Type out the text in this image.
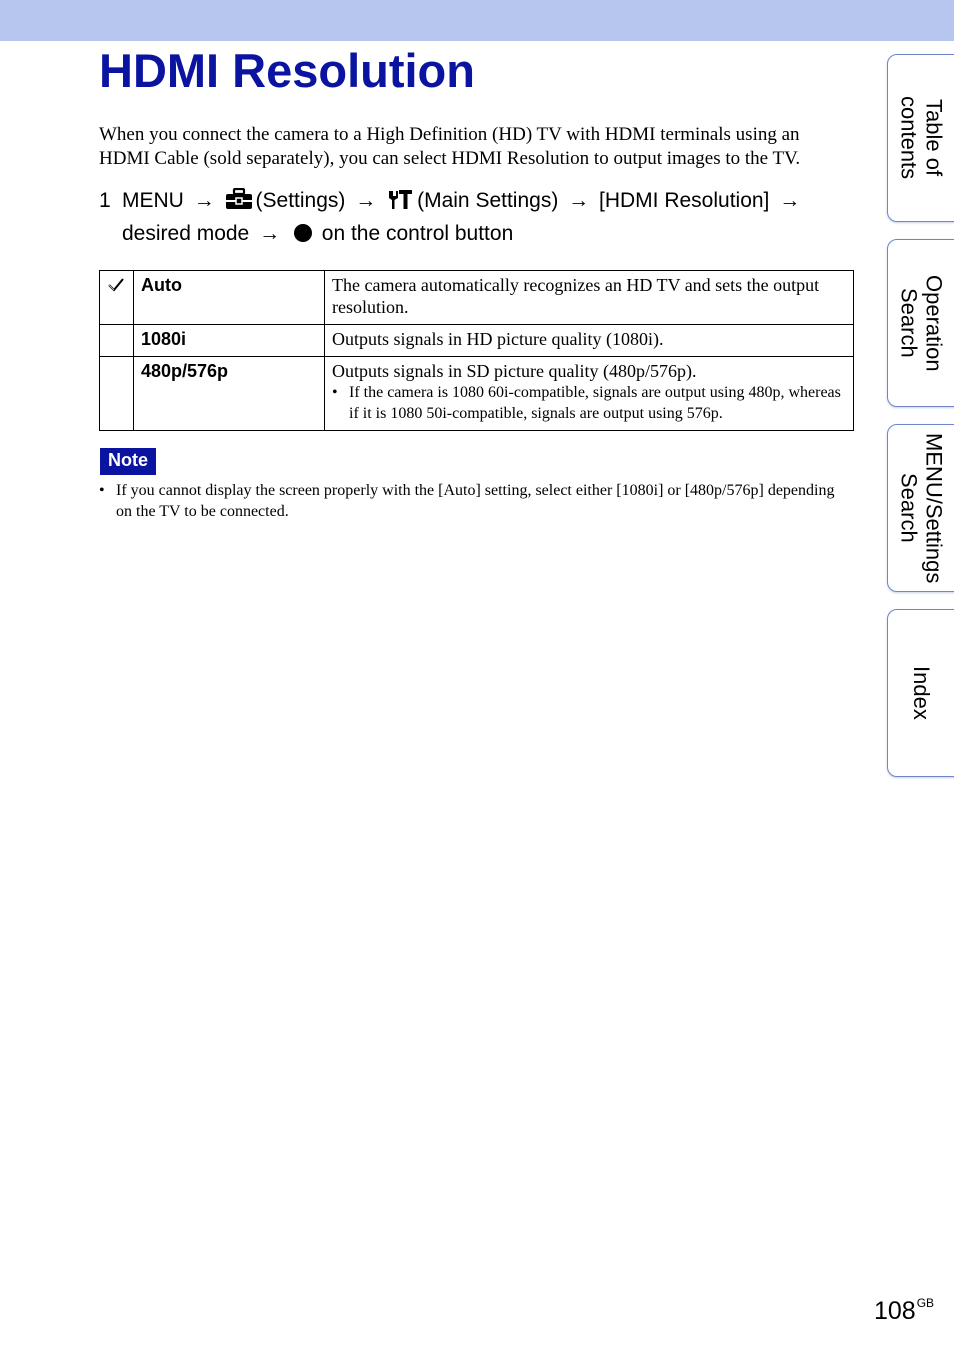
HDMI Resolution

When you connect the camera to a High Definition (HD) TV with HDMI terminals using an HDMI Cable (sold separately), you can select HDMI Resolution to output images to the TV.

1 MENU → (Settings) → (Main Settings) → [HDMI Resolution] →
desired mode → on the control button
	Auto	The camera automatically recognizes an HD TV and sets the output resolution.
	1080i	Outputs signals in HD picture quality (1080i).
	480p/576p	Outputs signals in SD picture quality (480p/576p).
• If the camera is 1080 60i-compatible, signals are output using 480p, whereas if it is 1080 50i-compatible, signals are output using 576p.
Note
• If you cannot display the screen properly with the [Auto] setting, select either [1080i] or [480p/576p] depending on the TV to be connected.
Table of contents
Operation Search
MENU/Settings Search
Index
$108^{GB}$
